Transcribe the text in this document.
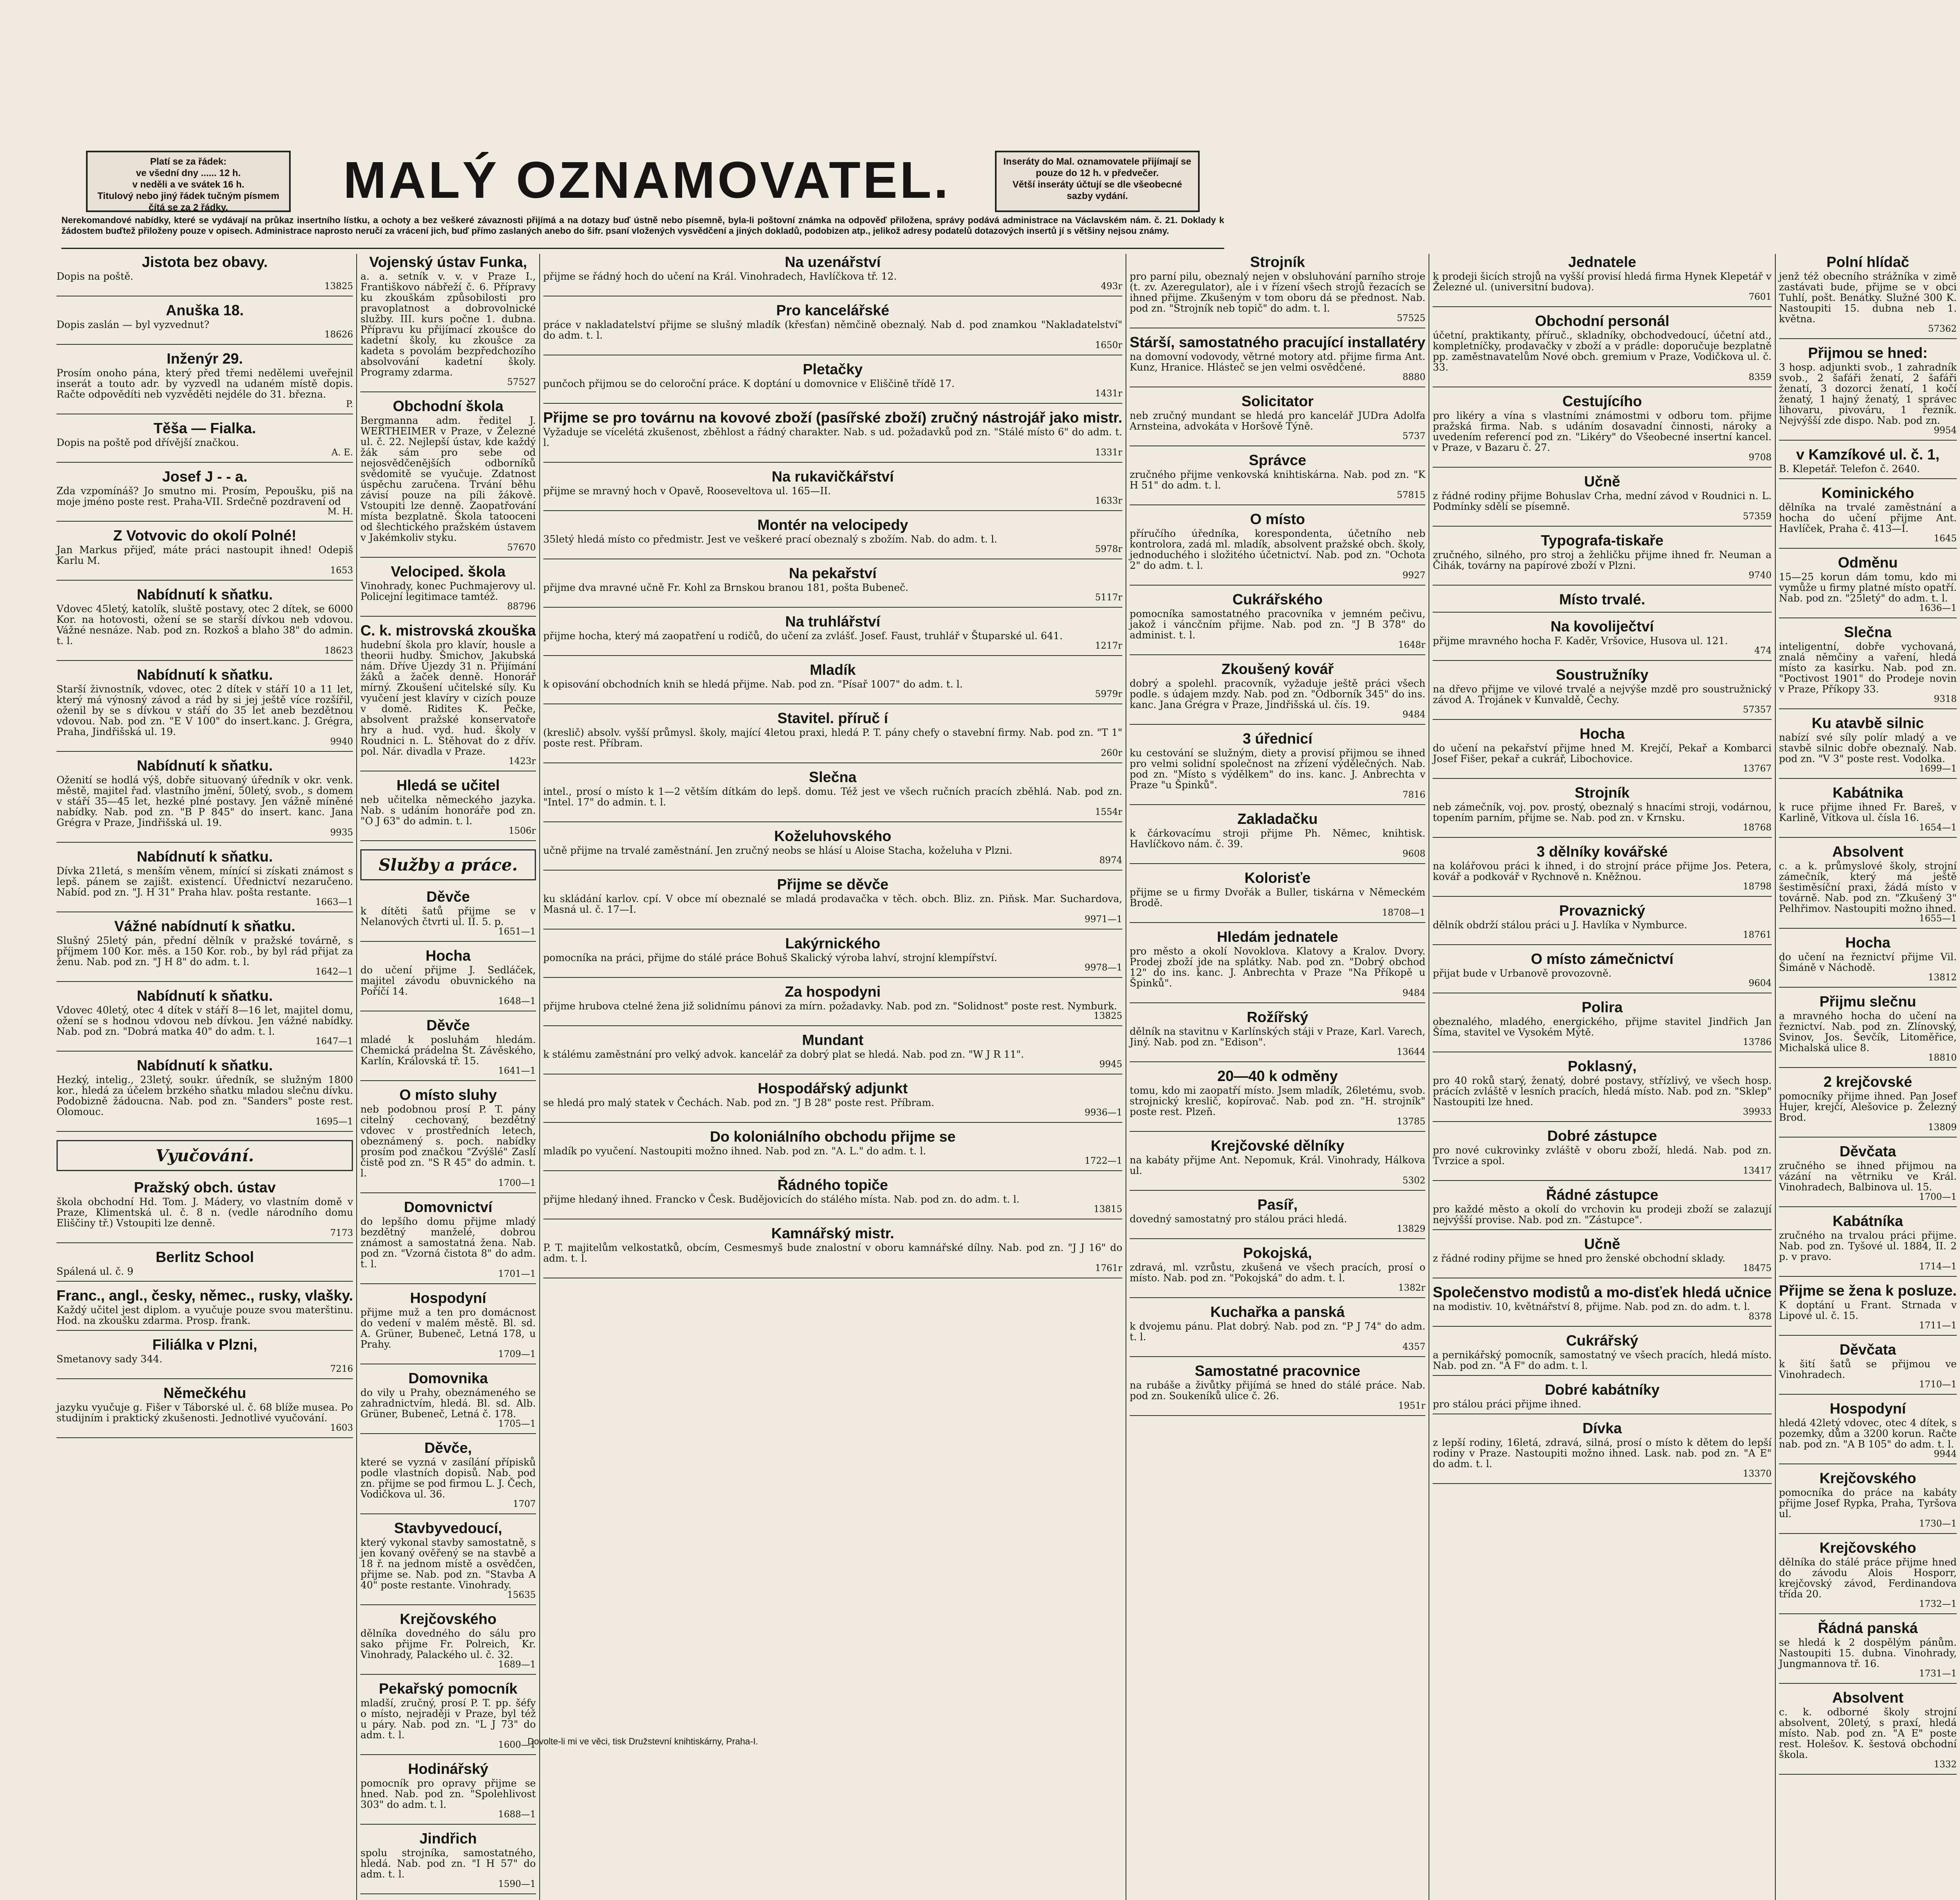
Platí se za řádek:
ve všední dny ...... 12 h.
v neděli a ve svátek 16 h.
Titulový nebo jiný řádek tučným písmem čítá se za 2 řádky.	MALÝ OZNAMOVATEL.	Inseráty do Mal. oznamovatele přijímají se pouze do 12 h. v předvečer.
Větší inseráty účtují se dle všeobecné sazby vydání.
Nerekomandové nabídky, které se vydávají na průkaz insertního lístku, a ochoty a bez veškeré závaznosti přijímá a na dotazy buď ústně nebo písemně, byla-li poštovní známka na odpověď přiložena, správy podává administrace na Václavském nám. č. 21. Doklady k žádostem buďtež přiloženy pouze v opisech. Administrace naprosto neručí za vrácení jich, buď přímo zaslaných anebo do šifr. psaní vložených vysvědčení a jiných dokladů, podobizen atp., jelikož adresy podatelů dotazových insertů jí s většiny nejsou známy.
Jistota bez obavy.
Dopis na poště.
13825
Anuška 18.
Dopis zaslán — byl vyzvednut?
18626
Inženýr 29.
Prosím onoho pána, který před třemi nedělemi uveřejnil inserát a touto adr. by vyzvedl na udaném místě dopis. Račte odpovědíti neb vyzvěděti nejdéle do 31. března.
P.
Těša — Fialka.
Dopis na poště pod dřívější značkou.
A. E.
Josef J - - a.
Zda vzpomínáš? Jo smutno mi. Prosím, Pepoušku, piš na moje jméno poste rest. Praha-VII. Srdečně pozdravení od
M. H.
Z Votvovic do okolí Polné!
Jan Markus přijeď, máte práci nastoupit ihned! Odepiš Karlu M.
1653
Nabídnutí k sňatku.
Vdovec 45letý, katolík, sluště postavy, otec 2 dítek, se 6000 Kor. na hotovosti, ožení se se starší dívkou neb vdovou. Vážné nesnáze. Nab. pod zn. Rozkoš a blaho 38" do admin. t. l.
18623
Nabídnutí k sňatku.
Starší živnostník, vdovec, otec 2 dítek v stáří 10 a 11 let, který má výnosný závod a rád by si jej ještě více rozšířil, oženil by se s dívkou v stáří do 35 let aneb bezdětnou vdovou. Nab. pod zn. "E V 100" do insert.kanc. J. Grégra, Praha, Jindřišská ul. 19.
9940
Nabídnutí k sňatku.
Oženití se hodlá výš, dobře situovaný úředník v okr. venk. městě, majitel řad. vlastního jmění, 50letý, svob., s domem v stáří 35—45 let, hezké plné postavy. Jen vážně míněné nabídky. Nab. pod zn. "B P 845" do insert. kanc. Jana Grégra v Praze, Jindřišská ul. 19.
9935
Nabídnutí k sňatku.
Dívka 21letá, s menším věnem, mínící si získati známost s lepš. pánem se zajišt. existencí. Úřednictví nezaručeno. Nabíd. pod zn. "J. H 31" Praha hlav. pošta restante.
1663—1
Vážné nabídnutí k sňatku.
Slušný 25letý pán, přední dělník v pražské továrně, s příjmem 100 Kor. měs. a 150 Kor. rob., by byl rád přijat za ženu. Nab. pod zn. "J H 8" do adm. t. l.
1642—1
Nabídnutí k sňatku.
Vdovec 40letý, otec 4 dítek v stáří 8—16 let, majitel domu, ožení se s hodnou vdovou neb dívkou. Jen vážné nabídky. Nab. pod zn. "Dobrá matka 40" do adm. t. l.
1647—1
Nabídnutí k sňatku.
Hezký, intelig., 23letý, soukr. úředník, se služným 1800 kor., hledá za účelem brzkého sňatku mladou slečnu dívku. Podobizně žádoucna. Nab. pod zn. "Sanders" poste rest. Olomouc.
1695—1
Vyučování.
Pražský obch. ústav
škola obchodní Hd. Tom. J. Mádery, vo vlastním domě v Praze, Klimentská ul. č. 8 n. (vedle národního domu Eliščiny tř.) Vstoupiti lze denně.
7173
Berlitz School
Spálená ul. č. 9
Franc., angl., česky, němec., rusky, vlašky.
Každý učitel jest diplom. a vyučuje pouze svou materštinu. Hod. na zkoušku zdarma. Prosp. frank.
Filiálka v Plzni,
Smetanovy sady 344.
7216
Němečkéhu
jazyku vyučuje g. Fišer v Táborské ul. č. 68 blíže musea. Po studijním i praktický zkušenosti. Jednotlivé vyučování.
1603
Vojenský ústav Funka,
a. a. setník v. v. v Praze I., Františkovo nábřeží č. 6. Přípravy ku zkouškám způsobilosti pro pravoplatnost a dobrovolnické služby. III. kurs počne 1. dubna. Přípravu ku přijímací zkoušce do kadetní školy, ku zkoušce za kadeta s povolám bezpředchozího absolvování kadetní školy. Programy zdarma.
57527
Obchodní škola
Bergmanna adm. ředitel J. WERTHEIMER v Praze, v Železné ul. č. 22. Nejlepší ústav, kde každý žák sám pro sebe od nejosvědčenějších odborníků svědomitě se vyučuje. Zdatnost úspěchu zaručena. Trvání běhu závisí pouze na píli žákově. Vstoupiti lze denně. Zaopatřování místa bezplatně. Škola tatooceni od šlechtického pražském ústavem v Jakémkoliv styku.
57670
Velociped. škola
Vinohrady, konec Puchmajerovy ul. Policejní legitimace tamtéž.
88796
C. k. mistrovská zkouška
hudební škola pro klavír, housle a theorii hudby. Šmichov, Jakubská nám. Dříve Újezdy 31 n. Přijímání žáků a žaček denně. Honorář mírný. Zkoušení učitelské síly. Ku vyučení jest klavíry v cizích pouze v domě. Ridites K. Pečke, absolvent pražské konservatoře hry a hud. vyd. hud. školy v Roudnici n. L. Stěhovat do z dřív. pol. Nár. divadla v Praze.
1423r
Hledá se učitel
neb učitelka německého jazyka. Nab. s udáním honoráře pod zn. "O J 63" do admin. t. l.
1506r
Služby a práce.
Děvče
k dítěti šatů přijme se v Nelanových čtvrti ul. II. 5. p.
1651—1
Hocha
do učení přijme J. Sedláček, majitel závodu obuvnického na Poříčí 14.
1648—1
Děvče
mladé k posluhám hledám. Chemická prádelna Št. Závěského, Karlín, Královská tř. 15.
1641—1
O místo sluhy
neb podobnou prosí P. T. pány citelný cechovaný, bezdětný vdovec v prostředních letech, obeznámený s. poch. nabídky prosím pod značkou "Zvýšlé" Zaslí čistě pod zn. "S R 45" do admin. t. l.
1700—1
Domovnictví
do lepšího domu přijme mladý bezdětný manželé, dobrou známost a samostatná žena. Nab. pod zn. "Vzorná čistota 8" do adm. t. l.
1701—1
Hospodyní
přijme muž a ten pro domácnost do vedení v malém městě. Bl. sd. A. Grüner, Bubeneč, Letná 178, u Prahy.
1709—1
Domovnika
do vily u Prahy, obeznámeného se zahradnictvím, hledá. Bl. sd. Alb. Grüner, Bubeneč, Letná č. 178.
1705—1
Děvče,
které se vyzná v zasílání přípisků podle vlastních dopisů. Nab. pod zn. přijme se pod firmou L. J. Čech, Vodičkova ul. 36.
1707
Stavbyvedoucí,
který vykonal stavby samostatně, s jen kovaný ověřený se na stavbě a 18 ř. na jednom místě a osvědčen, přijme se. Nab. pod zn. "Stavba A 40" poste restante. Vinohrady.
15635
Krejčovského
dělníka dovedného do sálu pro sako přijme Fr. Polreich, Kr. Vinohrady, Palackého ul. č. 32.
1689—1
Pekařský pomocník
mladší, zručný, prosí P. T. pp. šéfy o místo, nejraději v Praze, byl též u páry. Nab. pod zn. "L J 73" do adm. t. l.
1600—1
Hodinářský
pomocník pro opravy přijme se hned. Nab. pod zn. "Spolehlivost 303" do adm. t. l.
1688—1
Jindřich
spolu strojníka, samostatného, hledá. Nab. pod zn. "I H 57" do adm. t. l.
1590—1
Na uzenářství
přijme se řádný hoch do učení na Král. Vinohradech, Havlíčkova tř. 12.
493r
Pro kancelářské
práce v nakladatelství přijme se slušný mladík (křesťan) němčině obeznalý. Nab d. pod znamkou "Nakladatelství" do adm. t. l.
1650r
Pletačky
punčoch přijmou se do celoroční práce. K doptání u domovnice v Eliščině třídě 17.
1431r
Přijme se pro továrnu na kovové zboží (pasířské zboží) zručný nástrojář jako mistr.
Vyžaduje se vícelétá zkušenost, zběhlost a řádný charakter. Nab. s ud. požadavků pod zn. "Stálé místo 6" do adm. t. l.
1331r
Na rukavičkářství
přijme se mravný hoch v Opavě, Rooseveltova ul. 165—II.
1633r
Montér na velocipedy
35letý hledá místo co předmistr. Jest ve veškeré prací obeznalý s zbožím. Nab. do adm. t. l.
5978r
Na pekařství
přijme dva mravné učně Fr. Kohl za Brnskou branou 181, pošta Bubeneč.
5117r
Na truhlářství
přijme hocha, který má zaopatření u rodičů, do učení za zvlášť. Josef. Faust, truhlář v Štuparské ul. 641.
1217r
Mladík
k opisování obchodních knih se hledá přijme. Nab. pod zn. "Písař 1007" do adm. t. l.
5979r
Stavitel. příruč í
(kreslič) absolv. vyšší průmysl. školy, mající 4letou praxi, hledá P. T. pány chefy o stavební firmy. Nab. pod zn. "T 1" poste rest. Příbram.
260r
Slečna
intel., prosí o místo k 1—2 větším dítkám do lepš. domu. Též jest ve všech ručních pracích zběhlá. Nab. pod zn. "Intel. 17" do admin. t. l.
1554r
Koželuhovského
učně přijme na trvalé zaměstnání. Jen zručný neobs se hlásí u Aloise Stacha, koželuha v Plzni.
8974
Přijme se děvče
ku skládání karlov. cpí. V obce mí obeznalé se mladá prodavačka v těch. obch. Bliz. zn. Piňsk. Mar. Suchardova, Masná ul. č. 17—I.
9971—1
Lakýrnického
pomocníka na práci, přijme do stálé práce Bohuš Skalický výroba lahví, strojní klempířství.
9978—1
Za hospodyni
přijme hrubova ctelné žena již solidnímu pánovi za mírn. požadavky. Nab. pod zn. "Solidnost" poste rest. Nymburk.
13825
Mundant
k stálému zaměstnání pro velký advok. kancelář za dobrý plat se hledá. Nab. pod zn. "W J R 11".
9945
Hospodářský adjunkt
se hledá pro malý statek v Čechách. Nab. pod zn. "J B 28" poste rest. Příbram.
9936—1
Do koloniálního obchodu přijme se
mladík po vyučení. Nastoupiti možno ihned. Nab. pod zn. "A. L." do adm. t. l.
1722—1
Řádného topiče
přijme hledaný ihned. Francko v Česk. Budějovicích do stálého místa. Nab. pod zn. do adm. t. l.
13815
Kamnářský mistr.
P. T. majitelům velkostatků, obcím, Cesmesmyš bude znalostní v oboru kamnářské dílny. Nab. pod zn. "J J 16" do adm. t. l.
1761r
Strojník
pro parní pilu, obeznalý nejen v obsluhování parního stroje (t. zv. Azeregulator), ale i v řízení všech strojů řezacích se ihned přijme. Zkušeným v tom oboru dá se přednost. Nab. pod zn. "Strojník neb topič" do adm. t. l.
57525
Stárší, samostatného pracující installatéry
na domovní vodovody, větrné motory atd. přijme firma Ant. Kunz, Hranice. Hlásteč se jen velmi osvědčené.
8880
Solicitator
neb zručný mundant se hledá pro kancelář JUDra Adolfa Arnsteina, advokáta v Horšově Týně.
5737
Správce
zručného přijme venkovská knihtiskárna. Nab. pod zn. "K H 51" do adm. t. l.
57815
O místo
příručího úředníka, korespondenta, účetního neb kontrolora, zadá ml. mladík, absolvent pražské obch. školy, jednoduchého i složitého účetnictví. Nab. pod zn. "Ochota 2" do adm. t. l.
9927
Cukrářského
pomocníka samostatného pracovníka v jemném pečivu, jakož i váncčním přijme. Nab. pod zn. "J B 378" do administ. t. l.
1648r
Zkoušený kovář
dobrý a spolehl. pracovník, vyžaduje ještě práci všech podle. s údajem mzdy. Nab. pod zn. "Odborník 345" do ins. kanc. Jana Grégra v Praze, Jindřišská ul. čís. 19.
9484
3 úřednicí
ku cestování se služným, diety a provisí přijmou se ihned pro velmi solidní společnost na zřízení výdělečných. Nab. pod zn. "Místo s výdělkem" do ins. kanc. J. Anbrechta v Praze "u Špinků".
7816
Zakladačku
k čárkovacímu stroji přijme Ph. Němec, knihtisk. Havlíčkovo nám. č. 39.
9608
Kolorisťe
přijme se u firmy Dvořák a Buller, tiskárna v Německém Brodě.
18708—1
Hledám jednatele
pro město a okolí Novoklova. Klatovy a Kralov. Dvory. Prodej zboží jde na splátky. Nab. pod zn. "Dobrý obchod 12" do ins. kanc. J. Anbrechta v Praze "Na Příkopě u Špinků".
9484
Rožířský
dělník na stavitnu v Karlínských stáji v Praze, Karl. Varech, Jiný. Nab. pod zn. "Edison".
13644
20—40 k odměny
tomu, kdo mi zaopatří místo. Jsem mladík, 26letému, svob. strojnický kreslič, kopírovač. Nab. pod zn. "H. strojník" poste rest. Plzeň.
13785
Krejčovské dělníky
na kabáty přijme Ant. Nepomuk, Král. Vinohrady, Hálkova ul.
5302
Pasíř,
dovedný samostatný pro stálou práci hledá.
13829
Pokojská,
zdravá, ml. vzrůstu, zkušená ve všech pracích, prosí o místo. Nab. pod zn. "Pokojská" do adm. t. l.
1382r
Kuchařka a panská
k dvojemu pánu. Plat dobrý. Nab. pod zn. "P J 74" do adm. t. l.
4357
Samostatné pracovnice
na rubáše a živůtky přijímá se hned do stálé práce. Nab. pod zn. Soukeníků ulice č. 26.
1951r
Jednatele
k prodeji šicích strojů na vyšší provisí hledá firma Hynek Klepetář v Železné ul. (universitní budova).
7601
Obchodní personál
účetní, praktikanty, příruč., skladníky, obchodvedoucí, účetní atd., kompletníčky, prodavačky v zboží a v prádle: doporučuje bezplatně pp. zaměstnavatelům Nové obch. gremium v Praze, Vodičkova ul. č. 33.
8359
Cestujícího
pro likéry a vína s vlastními známostmi v odboru tom. přijme pražská firma. Nab. s udáním dosavadní činnosti, nároky a uvedením referencí pod zn. "Likéry" do Všeobecné insertní kancel. v Praze, v Bazaru č. 27.
9708
Učně
z řádné rodiny přijme Bohuslav Crha, mední závod v Roudnici n. L. Podmínky sdělí se písemně.
57359
Typografa-tiskaře
zručného, silného, pro stroj a žehličku přijme ihned fr. Neuman a Čihák, továrny na papírové zboží v Plzni.
9740
Místo trvalé.
Na kovoliječtví
přijme mravného hocha F. Kaděr, Vršovice, Husova ul. 121.
474
Soustružníky
na dřevo přijme ve vilové trvalé a nejvýše mzdě pro soustružnický závod A. Trojánek v Kunvaldě, Čechy.
57357
Hocha
do učení na pekařství přijme hned M. Krejčí, Pekař a Kombarci Josef Fišer, pekař a cukrář, Libochovice.
13767
Strojník
neb zámečník, voj. pov. prostý, obeznalý s hnacími stroji, vodárnou, topením parním, přijme se. Nab. pod zn. v Krnsku.
18768
3 dělníky kovářské
na kolářovou práci k ihned, i do strojní práce přijme Jos. Petera, kovář a podkovář v Rychnově n. Kněžnou.
18798
Provaznický
dělník obdrží stálou práci u J. Havlíka v Nymburce.
18761
O místo zámečnictví
přijat bude v Urbanově provozovně.
9604
Polira
obeznalého, mladého, energického, přijme stavitel Jindřich Jan Šíma, stavitel ve Vysokém Mýtě.
13786
Poklasný,
pro 40 roků starý, ženatý, dobré postavy, střízlivý, ve všech hosp. prácích zvláště v lesních pracích, hledá místo. Nab. pod zn. "Sklep" Nastoupiti lze hned.
39933
Dobré zástupce
pro nové cukrovinky zvláště v oboru zboží, hledá. Nab. pod zn. Tvrzice a spol.
13417
Řádné zástupce
pro každé město a okolí do vrchovin ku prodeji zboží se zalazují nejvýšší provise. Nab. pod zn. "Zástupce".
Učně
z řádné rodiny přijme se hned pro ženské obchodní sklady.
18475
Společenstvo modistů a mo-disťek hledá učnice
na modistiv. 10, květnářství 8, přijme. Nab. pod zn. do adm. t. l.
8378
Cukrářský
a pernikářský pomocník, samostatný ve všech pracích, hledá místo. Nab. pod zn. "A F" do adm. t. l.
Dobré kabátníky
pro stálou práci přijme ihned.
Dívka
z lepší rodiny, 16letá, zdravá, silná, prosí o místo k dětem do lepší rodiny v Praze. Nastoupiti možno ihned. Lask. nab. pod zn. "A E" do adm. t. l.
13370
Polní hlídač
jenž též obecního strážníka v zimě zastávati bude, přijme se v obci Tuhlí, pošt. Benátky. Služné 300 K. Nastoupiti 15. dubna neb 1. května.
57362
Přijmou se hned:
3 hosp. adjunkti svob., 1 zahradník svob., 2 šafáři ženatí, 2 šafáři ženatí, 3 dozorci ženatí, 1 kočí ženatý, 1 hajný ženatý, 1 správec lihovaru, pivováru, 1 řezník. Nejvýšší zde dispo. Nab. pod zn.
9954
v Kamzíkové ul. č. 1,
B. Klepetář. Telefon č. 2640.
Kominického
dělníka na trvalé zaměstnání a hocha do učení přijme Ant. Havlíček, Praha č. 413—I.
1645
Odměnu
15—25 korun dám tomu, kdo mi vymůže u firmy platné místo opatří. Nab. pod zn. "25letý" do adm. t. l.
1636—1
Slečna
inteligentní, dobře vychovaná, znalá němčiny a vaření, hledá místo za kasírku. Nab. pod zn. "Poctivost 1901" do Prodeje novin v Praze, Příkopy 33.
9318
Ku atavbě silnic
nabízí své síly polír mladý a ve stavbě silnic dobře obeznalý. Nab. pod zn. "V 3" poste rest. Vodolka.
1699—1
Kabátnika
k ruce přijme ihned Fr. Bareš, v Karlině, Vítkova ul. čísla 16.
1654—1
Absolvent
c. a k. průmyslové školy, strojní zámečník, který má ještě šestiměsíční praxi, žádá místo v továrně. Nab. pod zn. "Zkušený 3" Pelhřimov. Nastoupiti možno ihned.
1655—1
Hocha
do učení na řeznictví přijme Vil. Šimáně v Náchodě.
13812
Přijmu slečnu
a mravného hocha do učení na řeznictví. Nab. pod zn. Zlínovský, Svinov, Jos. Ševčík, Litoměřice, Michalská ulice 8.
18810
2 krejčovské
pomocníky přijme ihned. Pan Josef Hujer, krejčí, Alešovice p. Železný Brod.
13809
Děvčata
zručného se ihned přijmou na vázání na větrniku ve Král. Vinohradech, Balbinova ul. 15.
1700—1
Kabátníka
zručného na trvalou práci přijme. Nab. pod zn. Tyšové ul. 1884, II. 2 p. v pravo.
1714—1
Přijme se žena k posluze.
K doptání u Frant. Strnada v Lipové ul. č. 15.
1711—1
Děvčata
k šití šatů se přijmou ve Vinohradech.
1710—1
Hospodyní
hledá 42letý vdovec, otec 4 dítek, s pozemky, dům a 3200 korun. Račte nab. pod zn. "A B 105" do adm. t. l.
9944
Krejčovského
pomocníka do práce na kabáty přijme Josef Rypka, Praha, Tyršova ul.
1730—1
Krejčovského
dělníka do stálé práce přijme hned do závodu Alois Hosporr, krejčovský závod, Ferdinandova třída 20.
1732—1
Řádná panská
se hledá k 2 dospělým pánům. Nastoupiti 15. dubna. Vinohrady, Jungmannova tř. 16.
1731—1
Absolvent
c. k. odborné školy strojní absolvent, 20letý, s praxí, hledá místo. Nab. pod zn. "A E" poste rest. Holešov. K. šestová obchodní škola.
1332
Dovolte-li mi ve věci, tisk Družstevní knihtiskárny, Praha-I.
